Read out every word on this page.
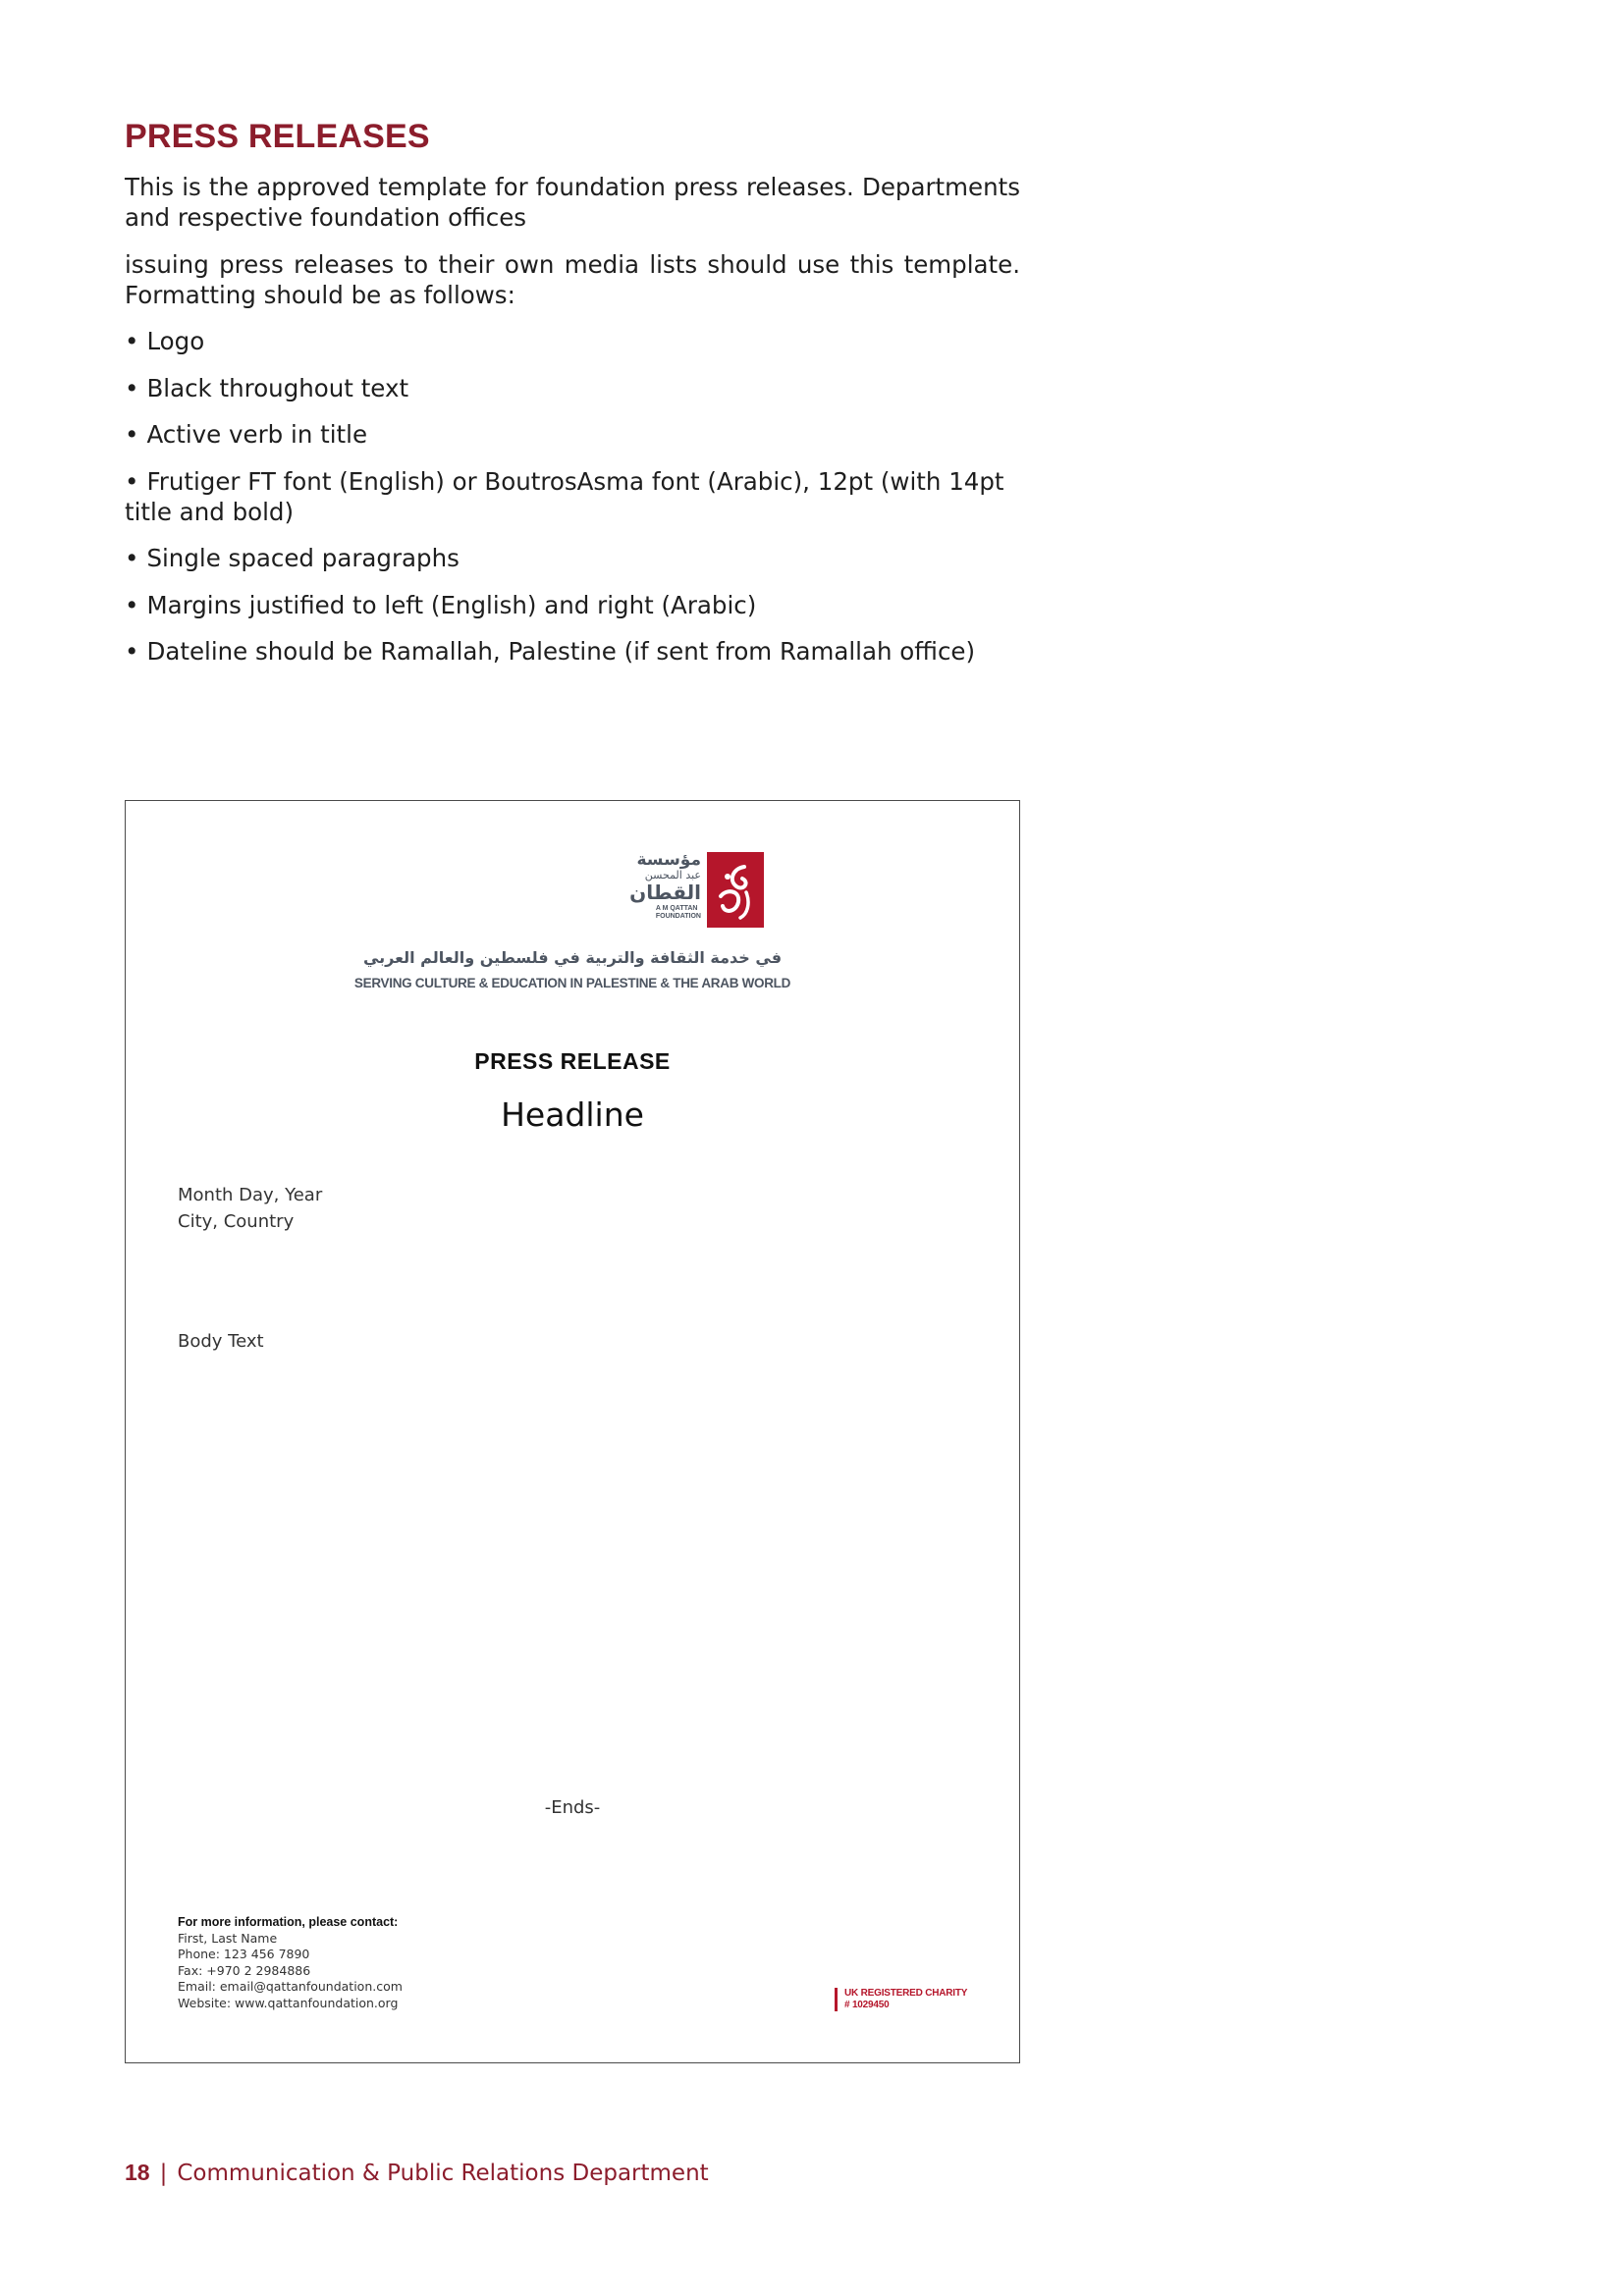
PRESS RELEASES

This is the approved template for foundation press releases. Departments and respective foundation offices

issuing press releases to their own media lists should use this template. Formatting should be as follows:

• Logo
• Black throughout text
• Active verb in title
• Frutiger FT font (English) or BoutrosAsma font (Arabic), 12pt (with 14pt title and bold)
• Single spaced paragraphs
• Margins justified to left (English) and right (Arabic)
• Dateline should be Ramallah, Palestine (if sent from Ramallah office)
مؤسسة
عبد المحسن
القطان
A M QATTAN
FOUNDATION
في خدمة الثقافة والتربية في فلسطين والعالم العربي
SERVING CULTURE & EDUCATION IN PALESTINE & THE ARAB WORLD
PRESS RELEASE
Headline
Month Day, Year
City, Country
Body Text
-Ends-
For more information, please contact:
First, Last Name
Phone: 123 456 7890
Fax: +970 2 2984886
Email: email@qattanfoundation.com
Website: www.qattanfoundation.org
UK REGISTERED CHARITY
# 1029450
18 | Communication & Public Relations Department
